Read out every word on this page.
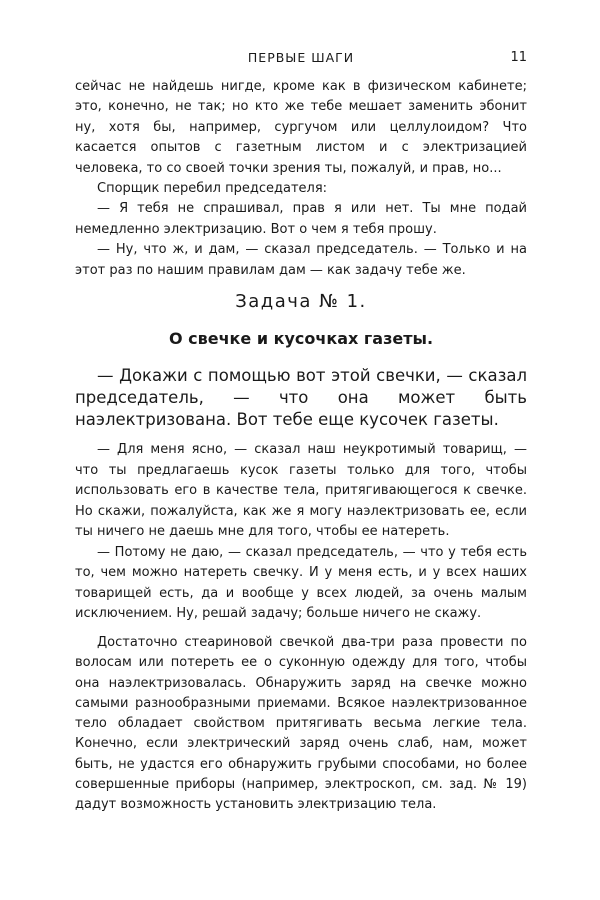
ПЕРВЫЕ ШАГИ	11
сейчас не найдешь нигде, кроме как в физическом кабинете; это, конечно, не так; но кто же тебе мешает заменить эбонит ну, хотя бы, например, сургучом или целлулоидом? Что касается опытов с газетным листом и с электризацией человека, то со своей точки зрения ты, пожалуй, и прав, но...
Спорщик перебил председателя:
— Я тебя не спрашивал, прав я или нет. Ты мне подай немедленно электризацию. Вот о чем я тебя прошу.
— Ну, что ж, и дам, — сказал председатель. — Только и на этот раз по нашим правилам дам — как задачу тебе же.
Задача № 1.
О свечке и кусочках газеты.
— Докажи с помощью вот этой свечки, — сказал председатель, — что она может быть наэлектризована. Вот тебе еще кусочек газеты.
— Для меня ясно, — сказал наш неукротимый товарищ, — что ты предлагаешь кусок газеты только для того, чтобы использовать его в качестве тела, притягивающегося к свечке. Но скажи, пожалуйста, как же я могу наэлектризовать ее, если ты ничего не даешь мне для того, чтобы ее натереть.
— Потому не даю, — сказал председатель, — что у тебя есть то, чем можно натереть свечку. И у меня есть, и у всех наших товарищей есть, да и вообще у всех людей, за очень малым исключением. Ну, решай задачу; больше ничего не скажу.
Достаточно стеариновой свечкой два-три раза провести по волосам или потереть ее о суконную одежду для того, чтобы она наэлектризовалась. Обнаружить заряд на свечке можно самыми разнообразными приемами. Всякое наэлектризованное тело обладает свойством притягивать весьма легкие тела. Конечно, если электрический заряд очень слаб, нам, может быть, не удастся его обнаружить грубыми способами, но более совершенные приборы (например, электроскоп, см. зад. № 19) дадут возможность установить электризацию тела.
